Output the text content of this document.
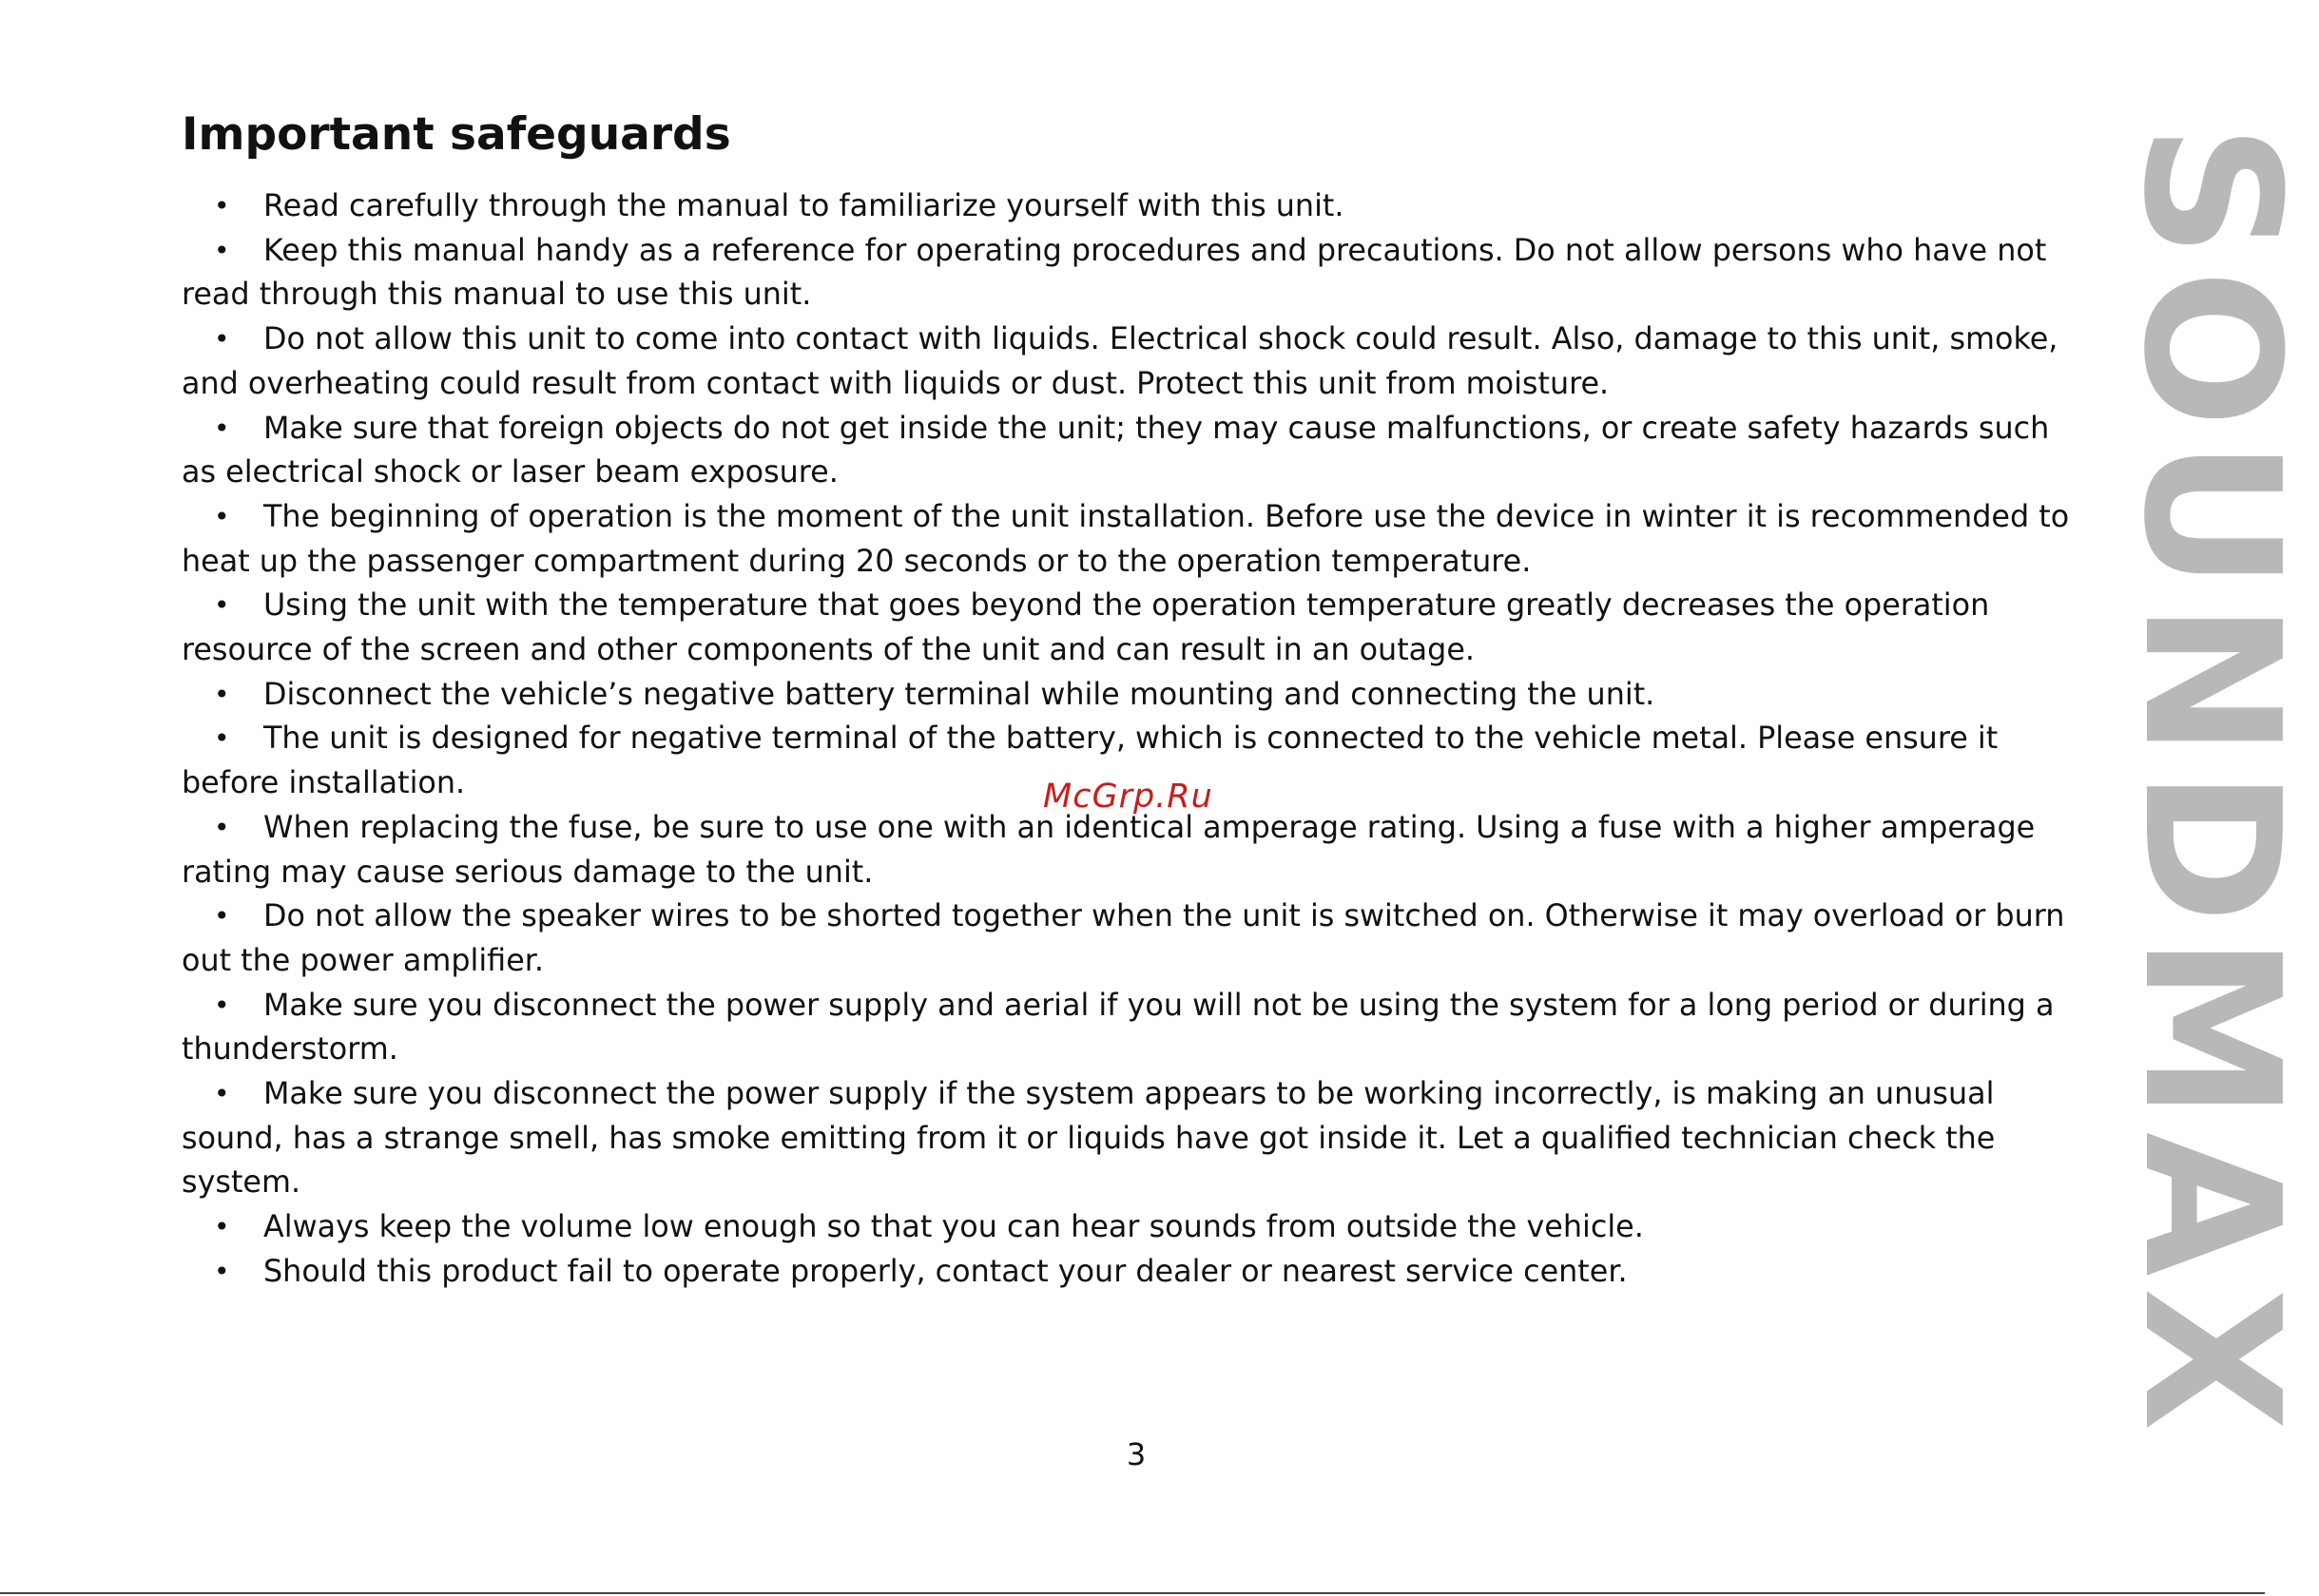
Important safeguards
• Read carefully through the manual to familiarize yourself with this unit.
• Keep this manual handy as a reference for operating procedures and precautions. Do not allow persons who have not read through this manual to use this unit.
• Do not allow this unit to come into contact with liquids. Electrical shock could result. Also, damage to this unit, smoke, and overheating could result from contact with liquids or dust. Protect this unit from moisture.
• Make sure that foreign objects do not get inside the unit; they may cause malfunctions, or create safety hazards such as electrical shock or laser beam exposure.
• The beginning of operation is the moment of the unit installation. Before use the device in winter it is recommended to heat up the passenger compartment during 20 seconds or to the operation temperature.
• Using the unit with the temperature that goes beyond the operation temperature greatly decreases the operation resource of the screen and other components of the unit and can result in an outage.
• Disconnect the vehicle’s negative battery terminal while mounting and connecting the unit.
• The unit is designed for negative terminal of the battery, which is connected to the vehicle metal. Please ensure it before installation.
• When replacing the fuse, be sure to use one with an identical amperage rating. Using a fuse with a higher amperage rating may cause serious damage to the unit.
• Do not allow the speaker wires to be shorted together when the unit is switched on. Otherwise it may overload or burn out the power amplifier.
• Make sure you disconnect the power supply and aerial if you will not be using the system for a long period or during a thunderstorm.
• Make sure you disconnect the power supply if the system appears to be working incorrectly, is making an unusual sound, has a strange smell, has smoke emitting from it or liquids have got inside it. Let a qualified technician check the system.
• Always keep the volume low enough so that you can hear sounds from outside the vehicle.
• Should this product fail to operate properly, contact your dealer or nearest service center.
McGrp.Ru	SOUNDMAX
3
